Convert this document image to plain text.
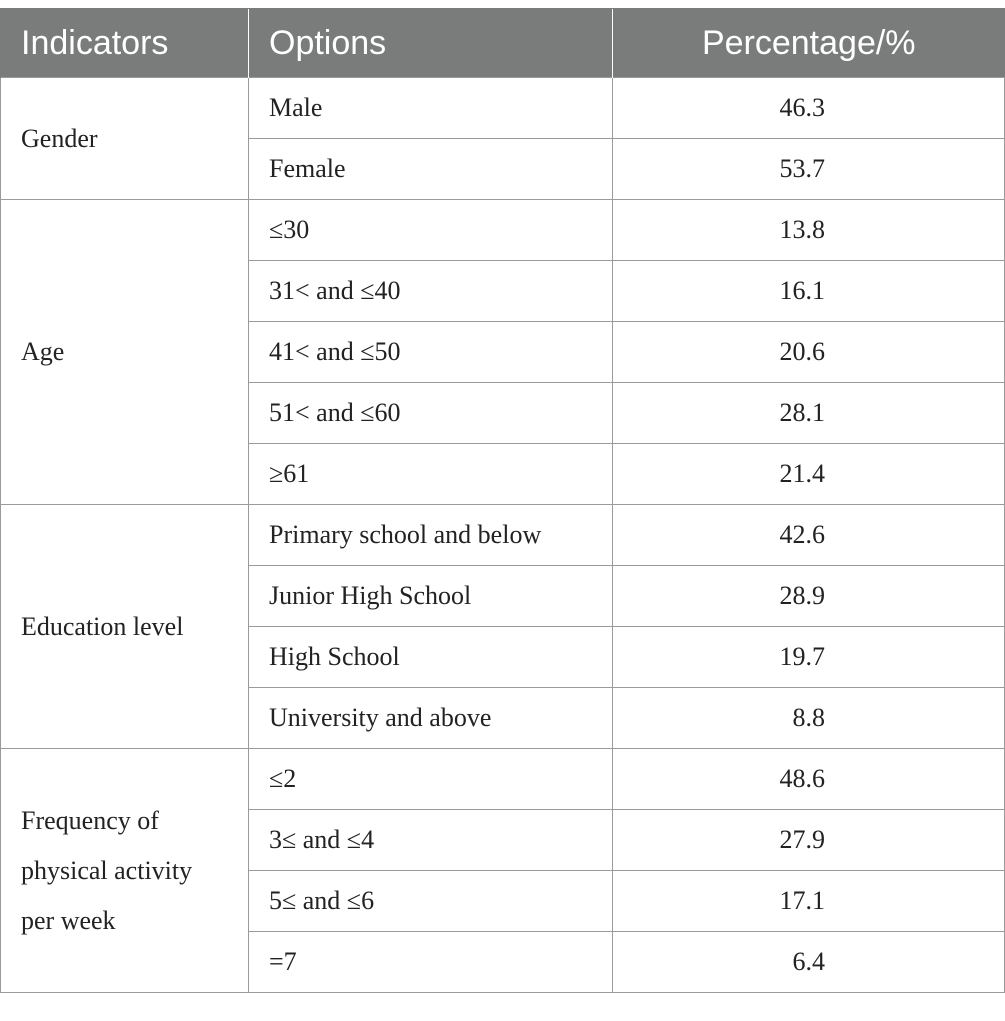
Indicators	Options	Percentage/%
Gender	Male	46.3
	Female	53.7
Age	≤30	13.8
	31< and ≤40	16.1
	41< and ≤50	20.6
	51< and ≤60	28.1
	≥61	21.4
Education level	Primary school and below	42.6
	Junior High School	28.9
	High School	19.7
	University and above	8.8
Frequency of
physical activity
per week	≤2	48.6
	3≤ and ≤4	27.9
	5≤ and ≤6	17.1
	=7	6.4
